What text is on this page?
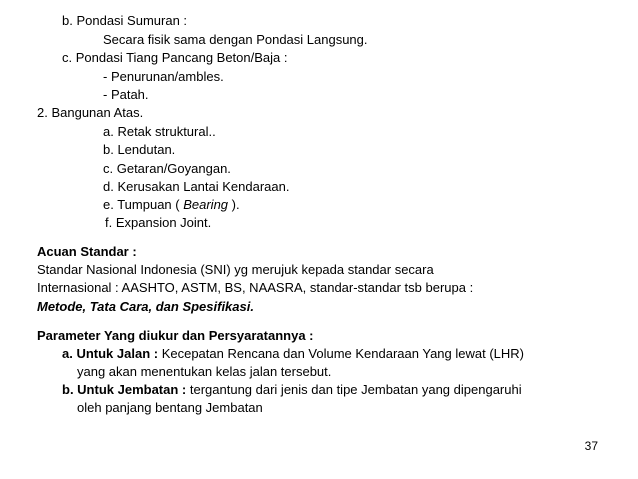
b. Pondasi Sumuran :
Secara fisik sama dengan Pondasi Langsung.
c. Pondasi Tiang Pancang Beton/Baja :
- Penurunan/ambles.
- Patah.
2. Bangunan Atas.
a. Retak struktural..
b. Lendutan.
c. Getaran/Goyangan.
d. Kerusakan Lantai Kendaraan.
e. Tumpuan ( Bearing ).
f. Expansion Joint.
Acuan Standar :
Standar Nasional Indonesia (SNI) yg merujuk kepada standar secara
Internasional : AASHTO, ASTM, BS, NAASRA, standar-standar tsb berupa :
Metode, Tata Cara, dan Spesifikasi.
Parameter Yang diukur dan Persyaratannya :
a. Untuk Jalan : Kecepatan Rencana dan Volume Kendaraan Yang lewat (LHR)
yang akan menentukan kelas jalan tersebut.
b. Untuk Jembatan : tergantung dari jenis dan tipe Jembatan yang dipengaruhi
oleh panjang bentang Jembatan
37
